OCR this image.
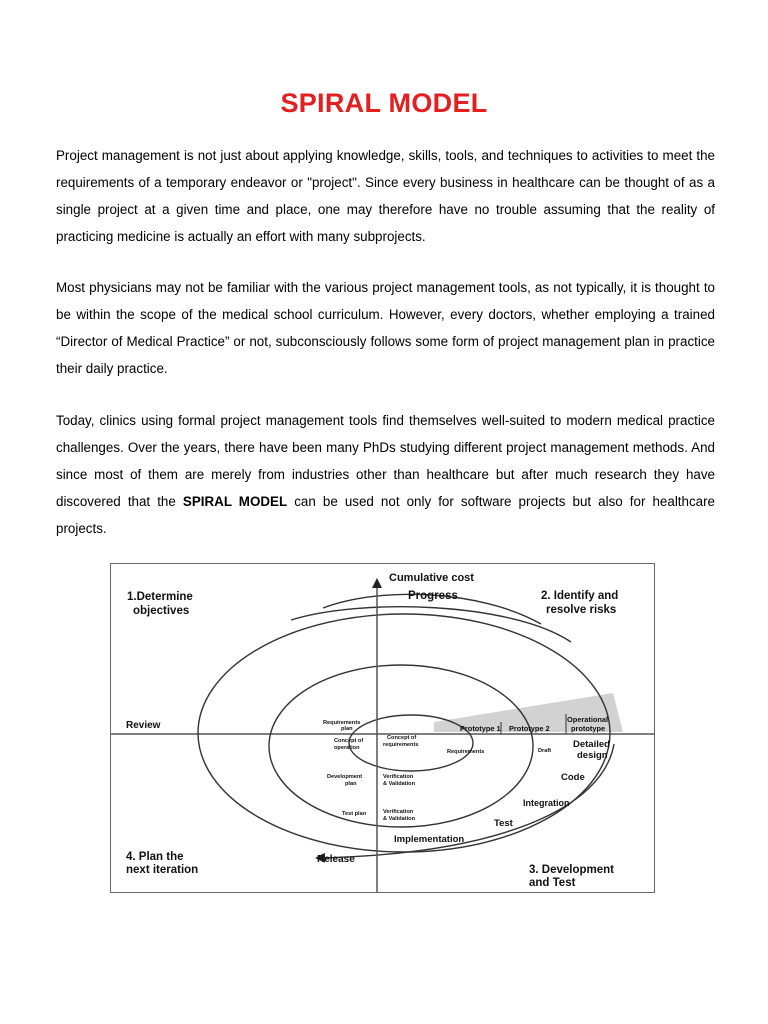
SPIRAL MODEL

Project management is not just about applying knowledge, skills, tools, and techniques to activities to meet the requirements of a temporary endeavor or "project". Since every business in healthcare can be thought of as a single project at a given time and place, one may therefore have no trouble assuming that the reality of practicing medicine is actually an effort with many subprojects.

Most physicians may not be familiar with the various project management tools, as not typically, it is thought to be within the scope of the medical school curriculum. However, every doctors, whether employing a trained “Director of Medical Practice” or not, subconsciously follows some form of project management plan in practice their daily practice.

Today, clinics using formal project management tools find themselves well-suited to modern medical practice challenges. Over the years, there have been many PhDs studying different project management methods. And since most of them are merely from industries other than healthcare but after much research they have discovered that the SPIRAL MODEL can be used not only for software projects but also for healthcare projects.

Cumulative cost
Progress
1.Determine
objectives
2. Identify and
resolve risks
3. Development
and Test
4. Plan the
next iteration
Review
Release
Requirements
plan
Concept of
operation
Concept of
requirements
Requirements
Development
plan
Verification
& Validation
Test plan	Verification
& Validation
Prototype 1 Prototype 2
Operational
prototype
Draft
Detailed
design
Code
Integration
Test
Implementation
